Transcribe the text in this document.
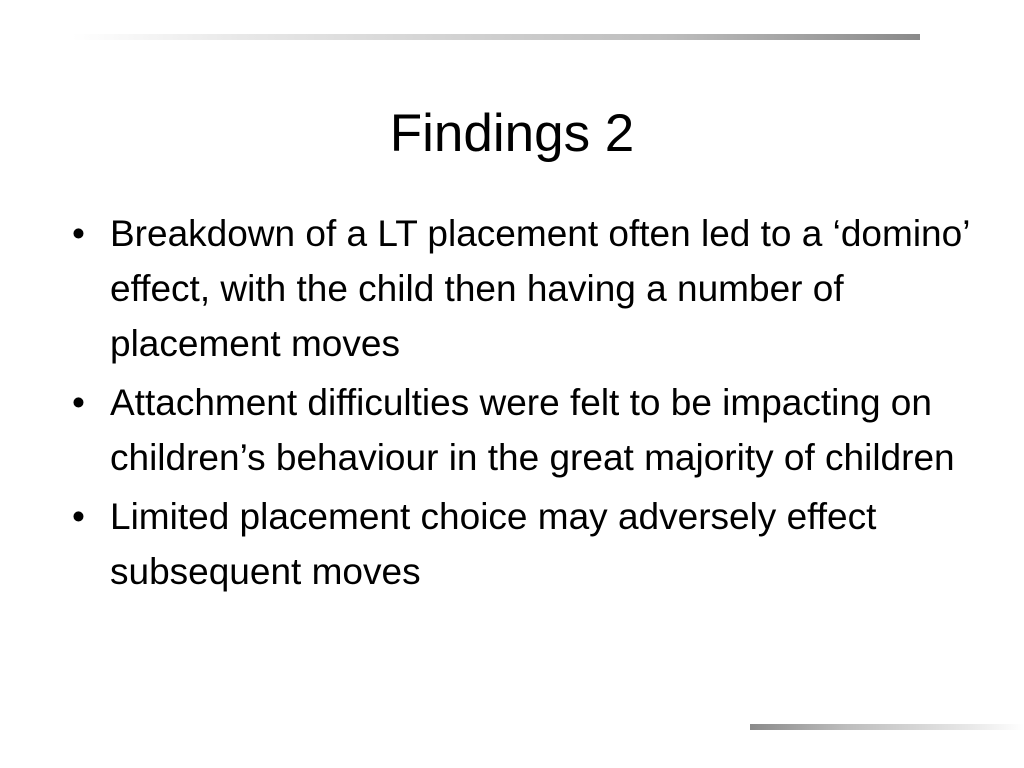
Findings 2
• Breakdown of a LT placement often led to a ‘domino’ effect, with the child then having a number of placement moves
• Attachment difficulties were felt to be impacting on children’s behaviour in the great majority of children
• Limited placement choice may adversely effect subsequent moves
